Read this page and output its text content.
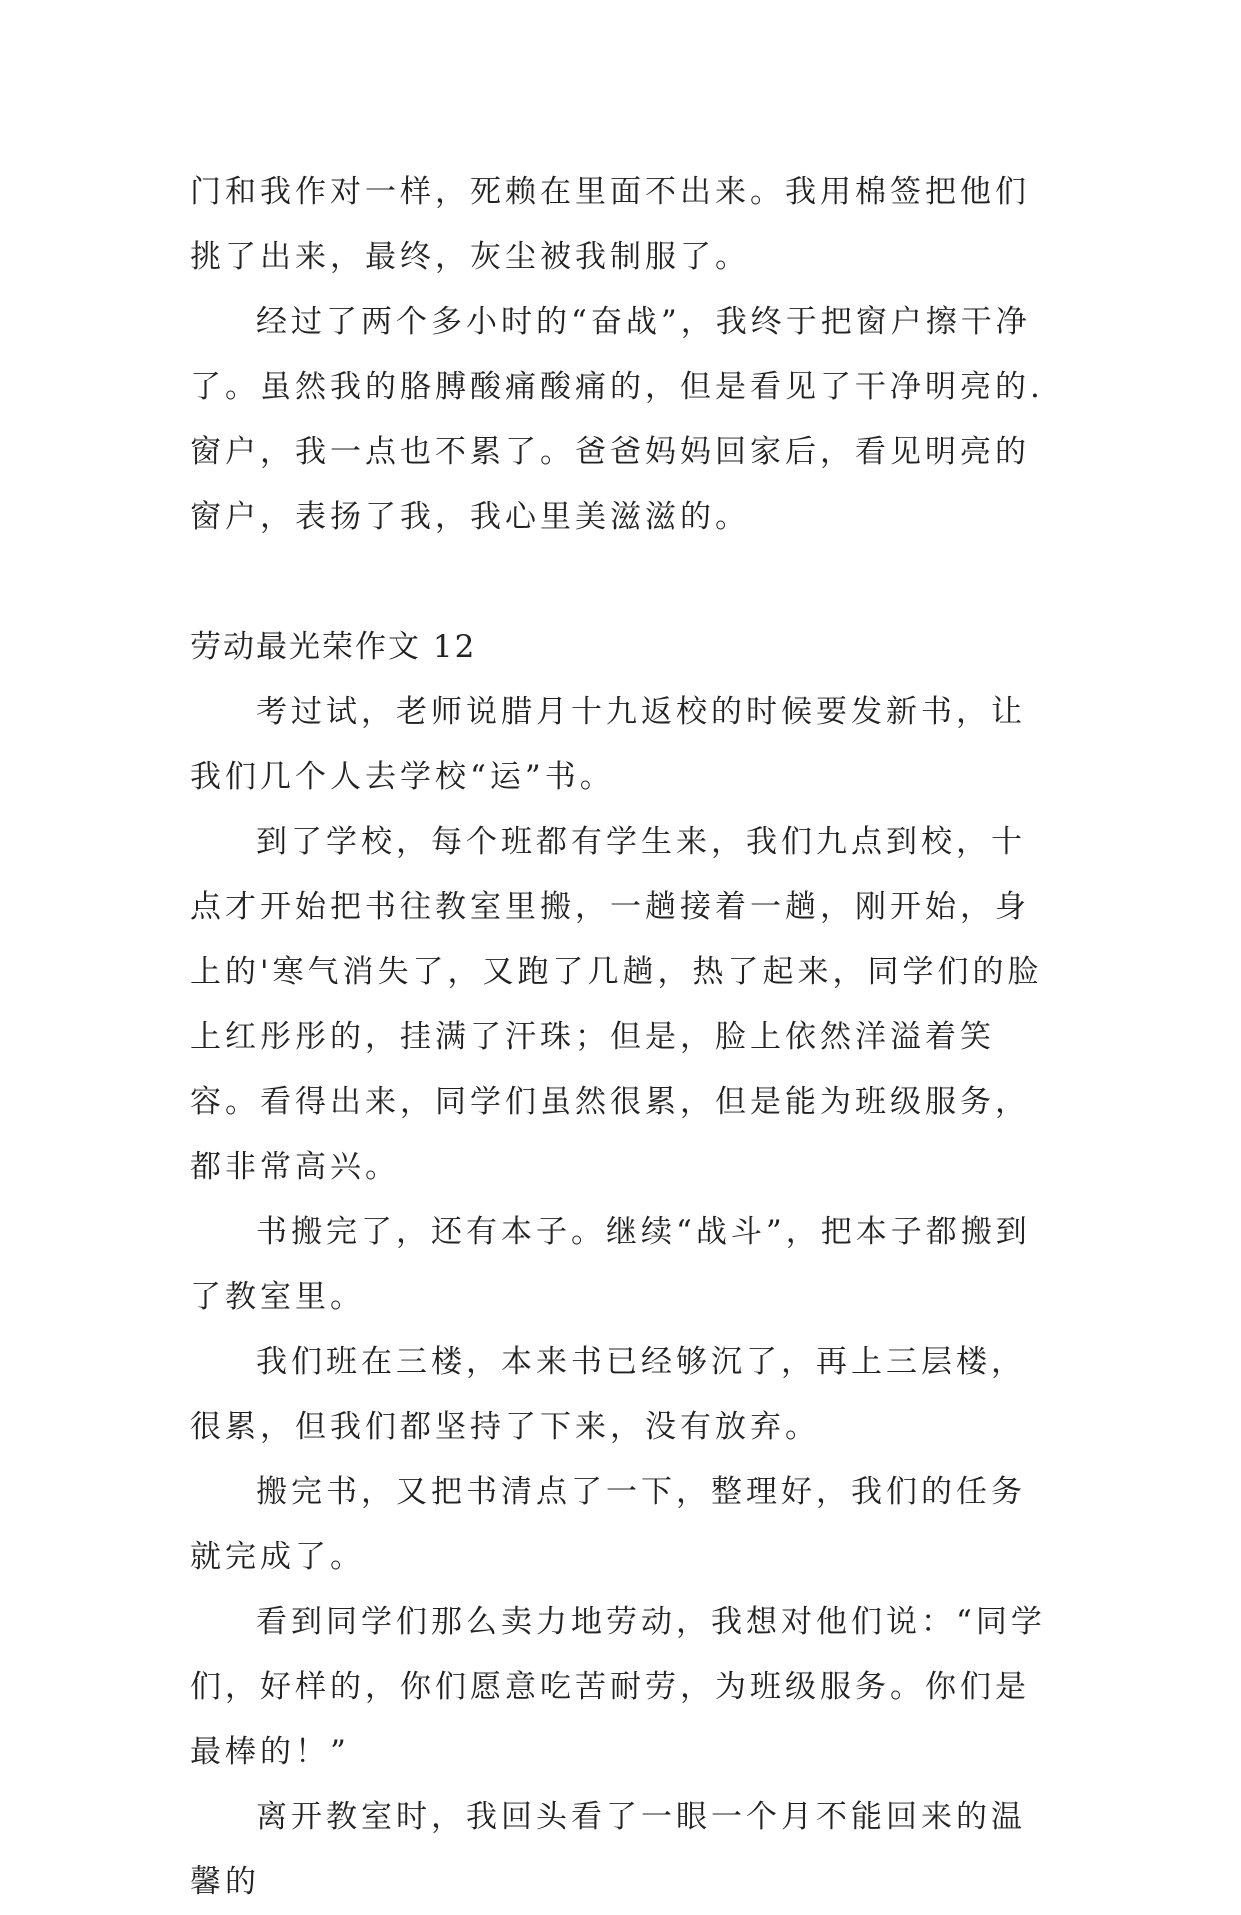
门和我作对一样，死赖在里面不出来。我用棉签把他们挑了出来，最终，灰尘被我制服了。

经过了两个多小时的“奋战”，我终于把窗户擦干净了。虽然我的胳膊酸痛酸痛的，但是看见了干净明亮的.窗户，我一点也不累了。爸爸妈妈回家后，看见明亮的窗户，表扬了我，我心里美滋滋的。

劳动最光荣作文 12

考过试，老师说腊月十九返校的时候要发新书，让我们几个人去学校“运”书。

到了学校，每个班都有学生来，我们九点到校，十点才开始把书往教室里搬，一趟接着一趟，刚开始，身上的'寒气消失了，又跑了几趟，热了起来，同学们的脸上红彤彤的，挂满了汗珠；但是，脸上依然洋溢着笑容。看得出来，同学们虽然很累，但是能为班级服务，都非常高兴。

书搬完了，还有本子。继续“战斗”，把本子都搬到了教室里。

我们班在三楼，本来书已经够沉了，再上三层楼，很累，但我们都坚持了下来，没有放弃。

搬完书，又把书清点了一下，整理好，我们的任务就完成了。

看到同学们那么卖力地劳动，我想对他们说：“同学们，好样的，你们愿意吃苦耐劳，为班级服务。你们是最棒的！”

离开教室时，我回头看了一眼一个月不能回来的温馨的
